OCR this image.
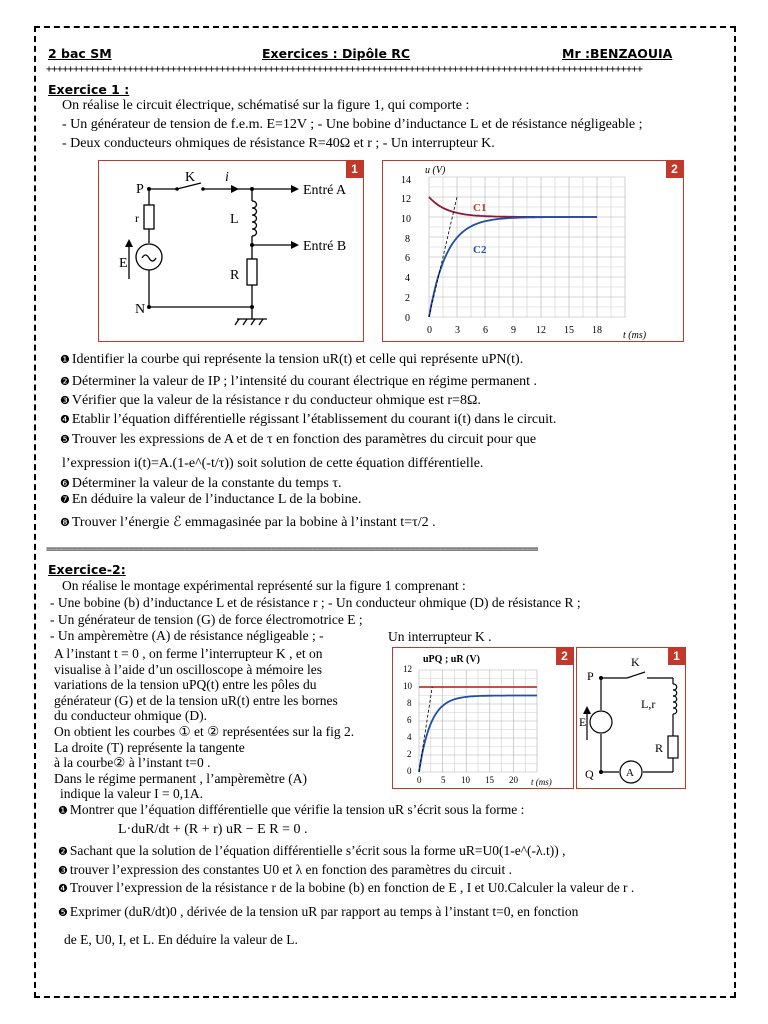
2 bac SM	Exercices : Dipôle RC	Mr :BENZAOUIA
++++++++++++++++++++++++++++++++++++++++++++++++++++++++++++++++++++++++++++++++++++++++++++++++++++++++++++++
Exercice 1 :
On réalise le circuit électrique, schématisé sur la figure 1, qui comporte :
- Un générateur de tension de f.e.m. E=12V ; - Une bobine d’inductance L et de résistance négligeable ;
- Deux conducteurs ohmiques de résistance R=40Ω et r ; - Un interrupteur K.
1
P
K i
r	L
E
R
N
Entré A
Entré B
2
u (V)
t (ms)
C1
C2
14
12
10
8
6
4
2
0
0 3 6 9 12 15 18
❶ Identifier la courbe qui représente la tension uR(t) et celle qui représente uPN(t).
❷ Déterminer la valeur de IP ; l’intensité du courant électrique en régime permanent .
❸ Vérifier que la valeur de la résistance r du conducteur ohmique est r=8Ω.
❹ Etablir l’équation différentielle régissant l’établissement du courant i(t) dans le circuit.
❺ Trouver les expressions de A et de τ en fonction des paramètres du circuit pour que
l’expression i(t)=A.(1-e^(-t/τ)) soit solution de cette équation différentielle.
❻ Déterminer la valeur de la constante du temps τ.
❼ En déduire la valeur de l’inductance L de la bobine.
❽ Trouver l’énergie ℰ emmagasinée par la bobine à l’instant t=τ/2 .
================================================================================================
Exercice-2:
On réalise le montage expérimental représenté sur la figure 1 comprenant :
- Une bobine (b) d’inductance L et de résistance r ; - Un conducteur ohmique (D) de résistance R ;
- Un générateur de tension (G) de force électromotrice E ;
- Un ampèremètre (A) de résistance négligeable ; -	Un interrupteur K .
A l’instant t = 0 , on ferme l’interrupteur K , et on
visualise à l’aide d’un oscilloscope à mémoire les
variations de la tension uPQ(t) entre les pôles du
générateur (G) et de la tension uR(t) entre les bornes
du conducteur ohmique (D).
On obtient les courbes ① et ② représentées sur la fig 2.
La droite (T) représente la tangente
à la courbe② à l’instant t=0 .
Dans le régime permanent , l’ampèremètre (A)
indique la valeur I = 0,1A.
2
uPQ ; uR (V)
t (ms)
12
10
8
6
4
2
0
0 5 10 15 20
1
P
K
L,r
E
R
Q	A
❶ Montrer que l’équation différentielle que vérifie la tension uR s’écrit sous la forme :
L·duR/dt + (R + r) uR − E R = 0 .
❷ Sachant que la solution de l’équation différentielle s’écrit sous la forme uR=U0(1-e^(-λ.t)) ,
❸ trouver l’expression des constantes U0 et λ en fonction des paramètres du circuit .
❹ Trouver l’expression de la résistance r de la bobine (b) en fonction de E , I et U0.Calculer la valeur de r .
❺ Exprimer (duR/dt)0 , dérivée de la tension uR par rapport au temps à l’instant t=0, en fonction
de E, U0, I, et L. En déduire la valeur de L.
